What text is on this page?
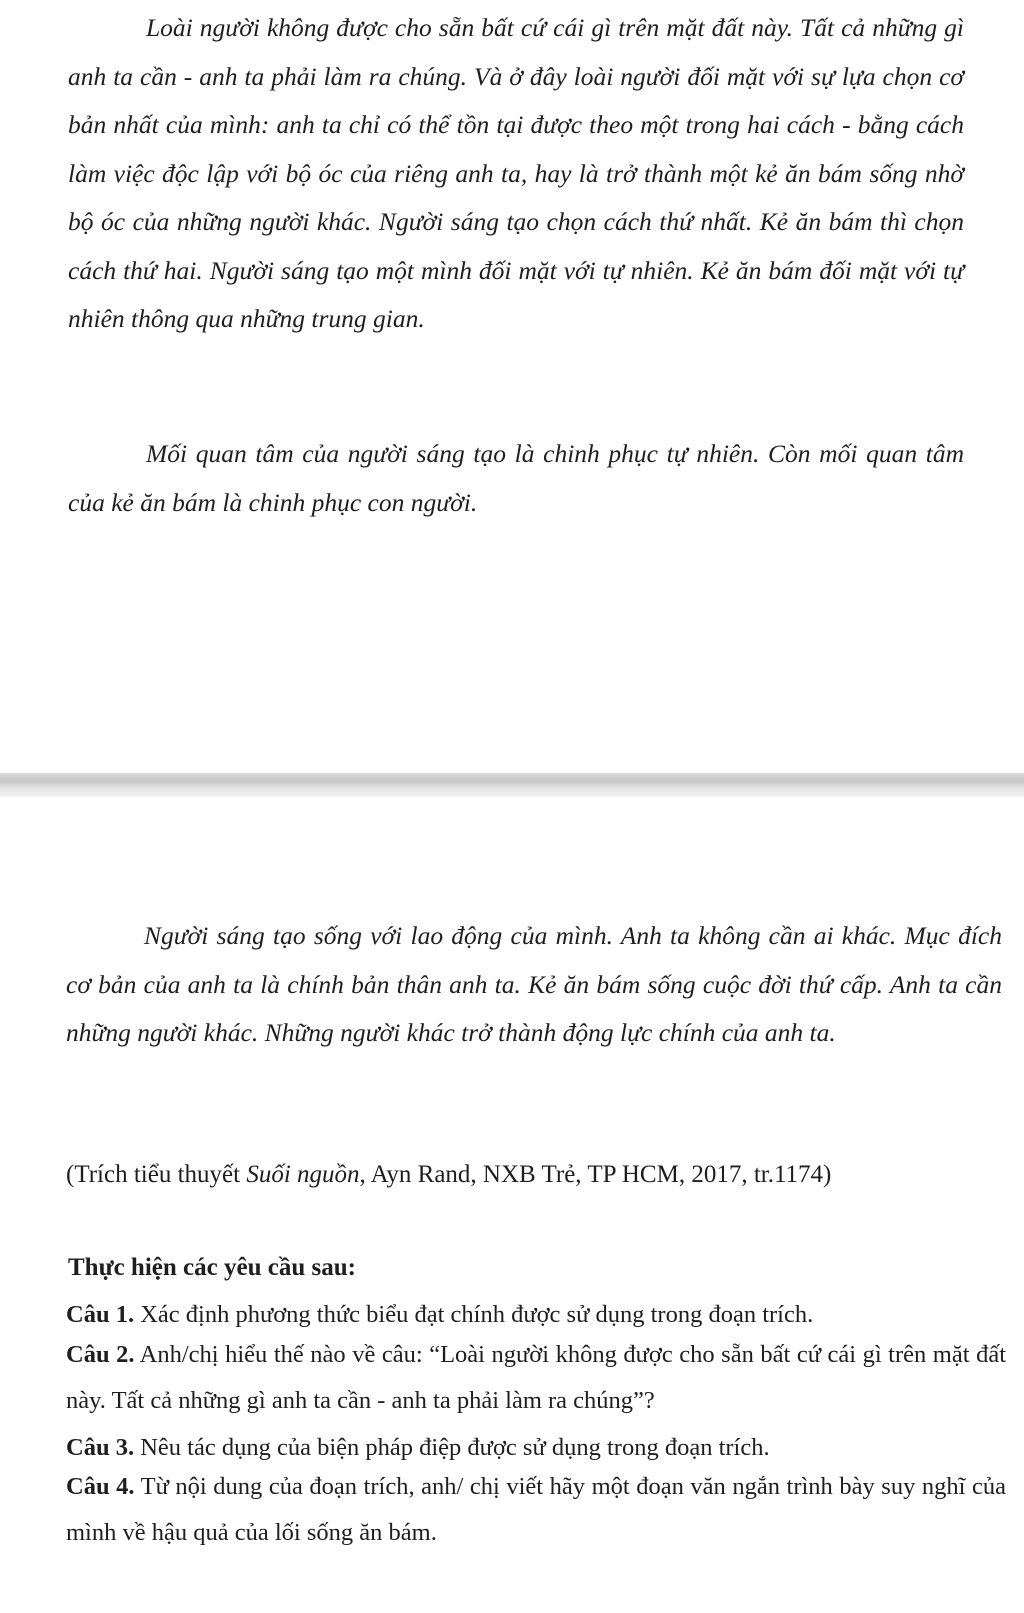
Loài người không được cho sẵn bất cứ cái gì trên mặt đất này. Tất cả những gì anh ta cần - anh ta phải làm ra chúng. Và ở đây loài người đối mặt với sự lựa chọn cơ bản nhất của mình: anh ta chỉ có thể tồn tại được theo một trong hai cách - bằng cách làm việc độc lập với bộ óc của riêng anh ta, hay là trở thành một kẻ ăn bám sống nhờ bộ óc của những người khác. Người sáng tạo chọn cách thứ nhất. Kẻ ăn bám thì chọn cách thứ hai. Người sáng tạo một mình đối mặt với tự nhiên. Kẻ ăn bám đối mặt với tự nhiên thông qua những trung gian.

Mối quan tâm của người sáng tạo là chinh phục tự nhiên. Còn mối quan tâm của kẻ ăn bám là chinh phục con người.

Người sáng tạo sống với lao động của mình. Anh ta không cần ai khác. Mục đích cơ bản của anh ta là chính bản thân anh ta. Kẻ ăn bám sống cuộc đời thứ cấp. Anh ta cần những người khác. Những người khác trở thành động lực chính của anh ta.

(Trích tiểu thuyết Suối nguồn, Ayn Rand, NXB Trẻ, TP HCM, 2017, tr.1174)

Thực hiện các yêu cầu sau:

Câu 1. Xác định phương thức biểu đạt chính được sử dụng trong đoạn trích.

Câu 2. Anh/chị hiểu thế nào về câu: “Loài người không được cho sẵn bất cứ cái gì trên mặt đất này. Tất cả những gì anh ta cần - anh ta phải làm ra chúng”?

Câu 3. Nêu tác dụng của biện pháp điệp được sử dụng trong đoạn trích.

Câu 4. Từ nội dung của đoạn trích, anh/ chị viết hãy một đoạn văn ngắn trình bày suy nghĩ của mình về hậu quả của lối sống ăn bám.
